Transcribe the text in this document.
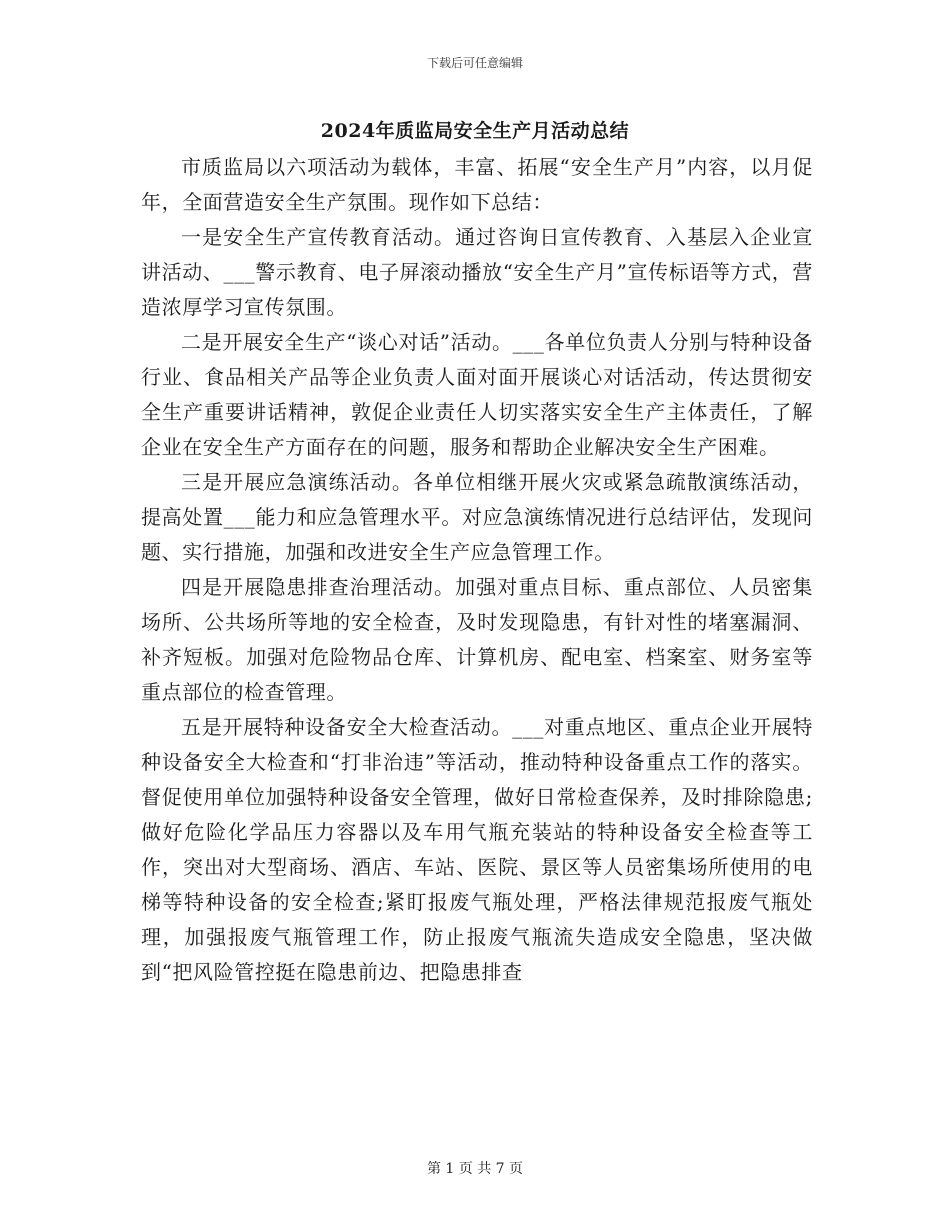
下载后可任意编辑
2024年质监局安全生产月活动总结

市质监局以六项活动为载体，丰富、拓展“安全生产月”内容，以月促年，全面营造安全生产氛围。现作如下总结：

一是安全生产宣传教育活动。通过咨询日宣传教育、入基层入企业宣讲活动、___警示教育、电子屏滚动播放“安全生产月”宣传标语等方式，营造浓厚学习宣传氛围。

二是开展安全生产“谈心对话”活动。___各单位负责人分别与特种设备行业、食品相关产品等企业负责人面对面开展谈心对话活动，传达贯彻安全生产重要讲话精神，敦促企业责任人切实落实安全生产主体责任，了解企业在安全生产方面存在的问题，服务和帮助企业解决安全生产困难。

三是开展应急演练活动。各单位相继开展火灾或紧急疏散演练活动，提高处置___能力和应急管理水平。对应急演练情况进行总结评估，发现问题、实行措施，加强和改进安全生产应急管理工作。

四是开展隐患排查治理活动。加强对重点目标、重点部位、人员密集场所、公共场所等地的安全检查，及时发现隐患，有针对性的堵塞漏洞、补齐短板。加强对危险物品仓库、计算机房、配电室、档案室、财务室等重点部位的检查管理。

五是开展特种设备安全大检查活动。___对重点地区、重点企业开展特种设备安全大检查和“打非治违”等活动，推动特种设备重点工作的落实。督促使用单位加强特种设备安全管理，做好日常检查保养，及时排除隐患;做好危险化学品压力容器以及车用气瓶充装站的特种设备安全检查等工作，突出对大型商场、酒店、车站、医院、景区等人员密集场所使用的电梯等特种设备的安全检查;紧盯报废气瓶处理，严格法律规范报废气瓶处理，加强报废气瓶管理工作，防止报废气瓶流失造成安全隐患，坚决做到“把风险管控挺在隐患前边、把隐患排查

第 1 页 共 7 页
